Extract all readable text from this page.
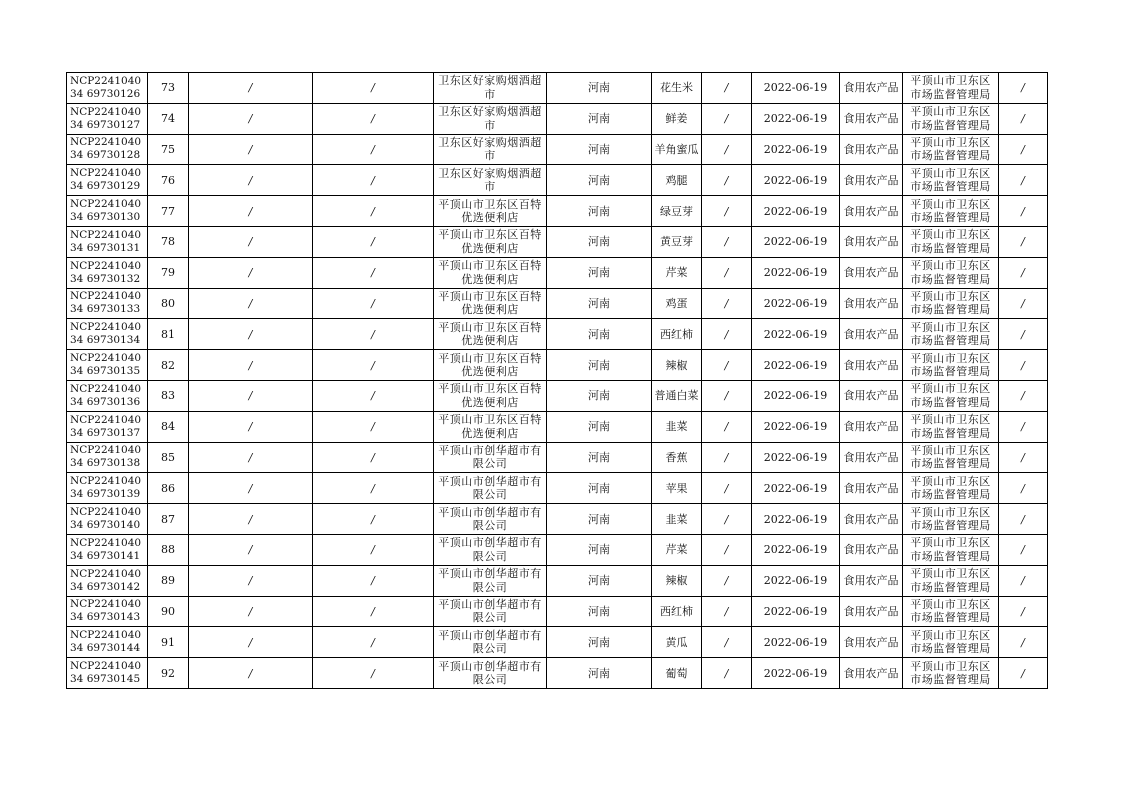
NCP224104034 69730126	73	/	/	卫东区好家购烟酒超市	河南	花生米	/	2022-06-19	食用农产品	平顶山市卫东区市场监督管理局	/
NCP224104034 69730127	74	/	/	卫东区好家购烟酒超市	河南	鲜姜	/	2022-06-19	食用农产品	平顶山市卫东区市场监督管理局	/
NCP224104034 69730128	75	/	/	卫东区好家购烟酒超市	河南	羊角蜜瓜	/	2022-06-19	食用农产品	平顶山市卫东区市场监督管理局	/
NCP224104034 69730129	76	/	/	卫东区好家购烟酒超市	河南	鸡腿	/	2022-06-19	食用农产品	平顶山市卫东区市场监督管理局	/
NCP224104034 69730130	77	/	/	平顶山市卫东区百特优选便利店	河南	绿豆芽	/	2022-06-19	食用农产品	平顶山市卫东区市场监督管理局	/
NCP224104034 69730131	78	/	/	平顶山市卫东区百特优选便利店	河南	黄豆芽	/	2022-06-19	食用农产品	平顶山市卫东区市场监督管理局	/
NCP224104034 69730132	79	/	/	平顶山市卫东区百特优选便利店	河南	芹菜	/	2022-06-19	食用农产品	平顶山市卫东区市场监督管理局	/
NCP224104034 69730133	80	/	/	平顶山市卫东区百特优选便利店	河南	鸡蛋	/	2022-06-19	食用农产品	平顶山市卫东区市场监督管理局	/
NCP224104034 69730134	81	/	/	平顶山市卫东区百特优选便利店	河南	西红柿	/	2022-06-19	食用农产品	平顶山市卫东区市场监督管理局	/
NCP224104034 69730135	82	/	/	平顶山市卫东区百特优选便利店	河南	辣椒	/	2022-06-19	食用农产品	平顶山市卫东区市场监督管理局	/
NCP224104034 69730136	83	/	/	平顶山市卫东区百特优选便利店	河南	普通白菜	/	2022-06-19	食用农产品	平顶山市卫东区市场监督管理局	/
NCP224104034 69730137	84	/	/	平顶山市卫东区百特优选便利店	河南	韭菜	/	2022-06-19	食用农产品	平顶山市卫东区市场监督管理局	/
NCP224104034 69730138	85	/	/	平顶山市创华超市有限公司	河南	香蕉	/	2022-06-19	食用农产品	平顶山市卫东区市场监督管理局	/
NCP224104034 69730139	86	/	/	平顶山市创华超市有限公司	河南	苹果	/	2022-06-19	食用农产品	平顶山市卫东区市场监督管理局	/
NCP224104034 69730140	87	/	/	平顶山市创华超市有限公司	河南	韭菜	/	2022-06-19	食用农产品	平顶山市卫东区市场监督管理局	/
NCP224104034 69730141	88	/	/	平顶山市创华超市有限公司	河南	芹菜	/	2022-06-19	食用农产品	平顶山市卫东区市场监督管理局	/
NCP224104034 69730142	89	/	/	平顶山市创华超市有限公司	河南	辣椒	/	2022-06-19	食用农产品	平顶山市卫东区市场监督管理局	/
NCP224104034 69730143	90	/	/	平顶山市创华超市有限公司	河南	西红柿	/	2022-06-19	食用农产品	平顶山市卫东区市场监督管理局	/
NCP224104034 69730144	91	/	/	平顶山市创华超市有限公司	河南	黄瓜	/	2022-06-19	食用农产品	平顶山市卫东区市场监督管理局	/
NCP224104034 69730145	92	/	/	平顶山市创华超市有限公司	河南	葡萄	/	2022-06-19	食用农产品	平顶山市卫东区市场监督管理局	/
